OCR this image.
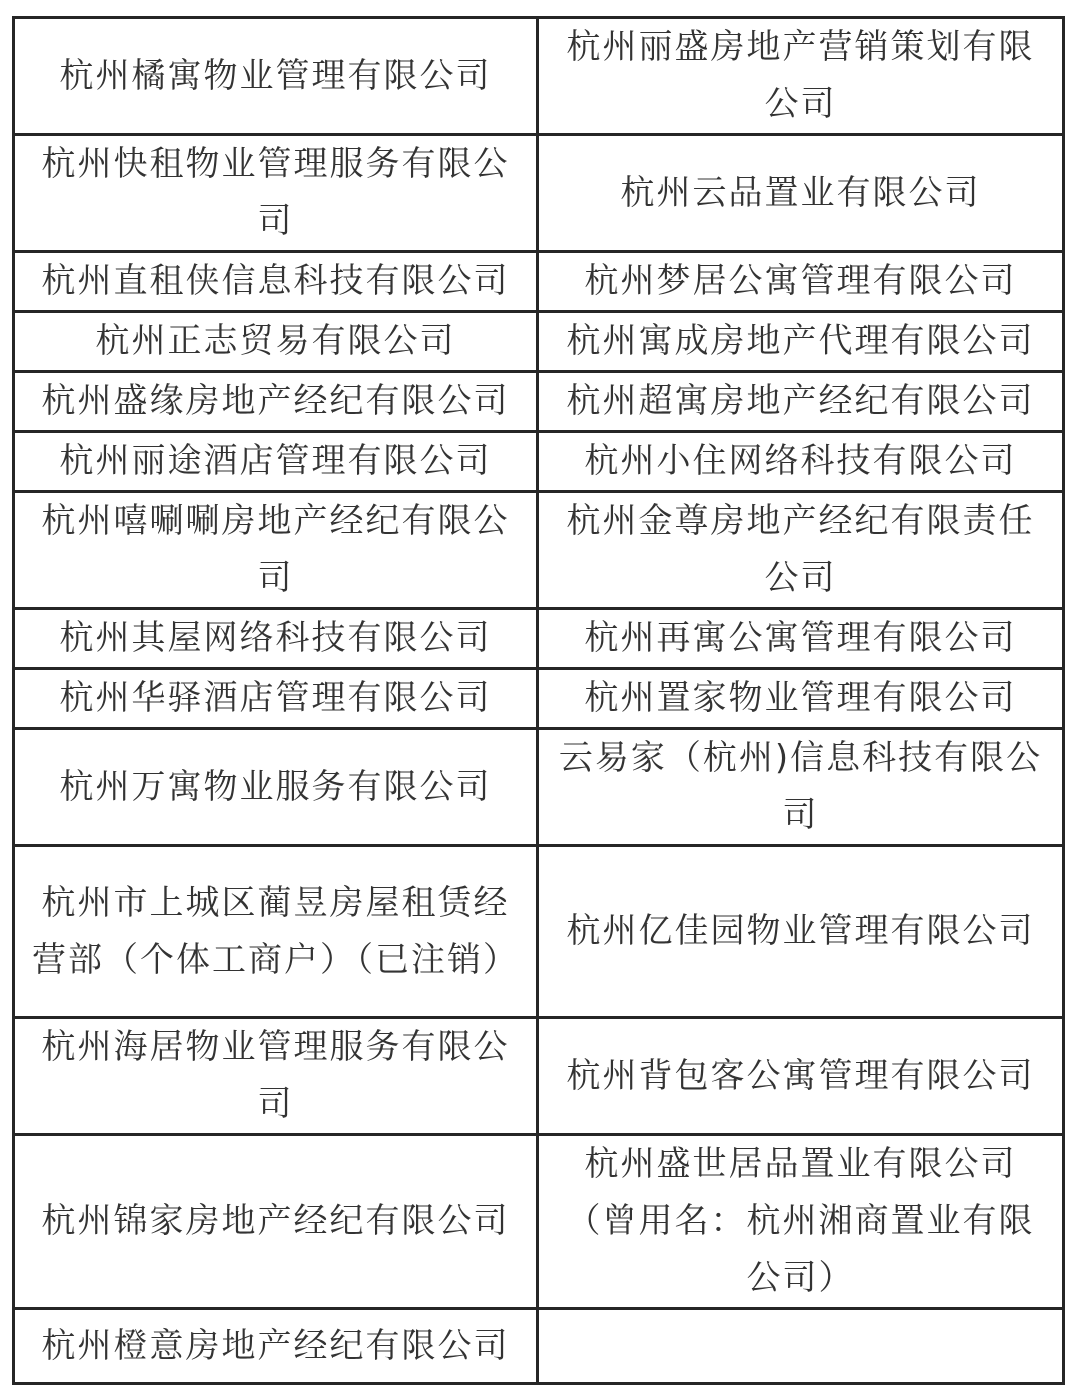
杭州橘寓物业管理有限公司	杭州丽盛房地产营销策划有限公司
杭州快租物业管理服务有限公司	杭州云品置业有限公司
杭州直租侠信息科技有限公司	杭州梦居公寓管理有限公司
杭州正志贸易有限公司	杭州寓成房地产代理有限公司
杭州盛缘房地产经纪有限公司	杭州超寓房地产经纪有限公司
杭州丽途酒店管理有限公司	杭州小住网络科技有限公司
杭州嘻唰唰房地产经纪有限公司	杭州金尊房地产经纪有限责任公司
杭州其屋网络科技有限公司	杭州再寓公寓管理有限公司
杭州华驿酒店管理有限公司	杭州置家物业管理有限公司
杭州万寓物业服务有限公司	云易家（杭州)信息科技有限公司
杭州市上城区蔺昱房屋租赁经营部（个体工商户）（已注销）	杭州亿佳园物业管理有限公司
杭州海居物业管理服务有限公司	杭州背包客公寓管理有限公司
杭州锦家房地产经纪有限公司	杭州盛世居品置业有限公司（曾用名：杭州湘商置业有限公司）
杭州橙意房地产经纪有限公司	
